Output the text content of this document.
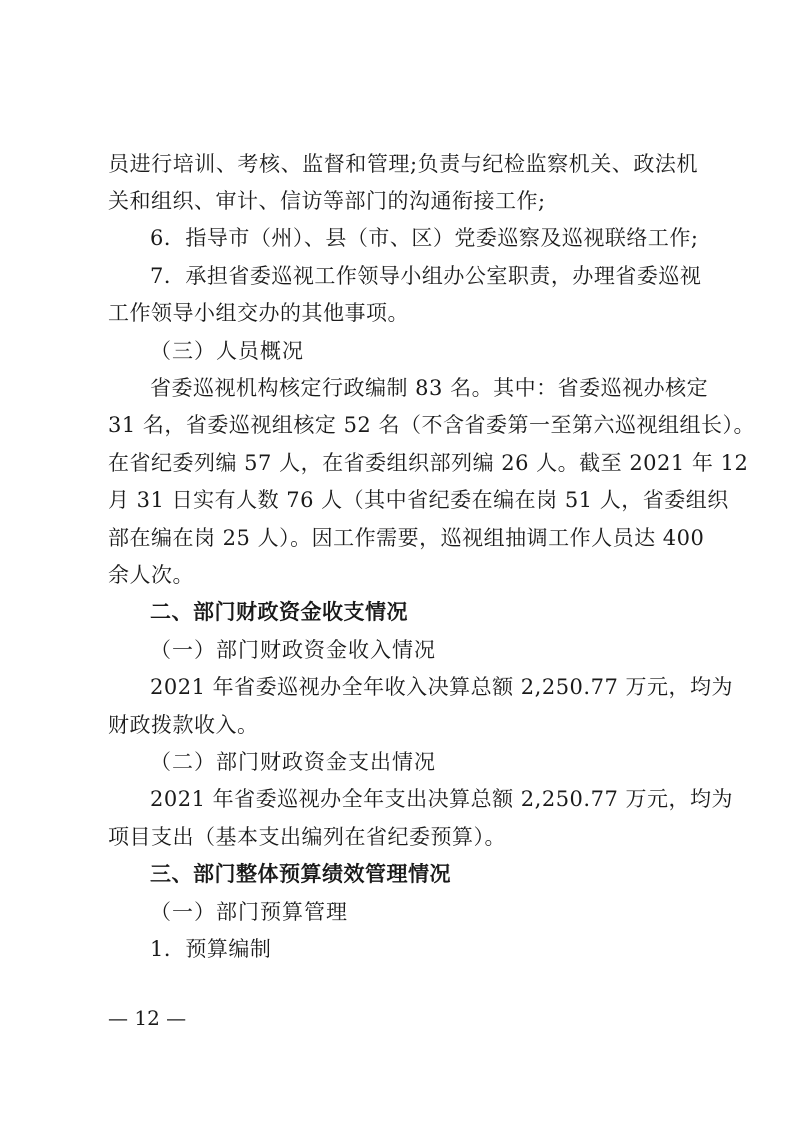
员进行培训、考核、监督和管理;负责与纪检监察机关、政法机
关和组织、审计、信访等部门的沟通衔接工作;
6．指导市（州）、县（市、区）党委巡察及巡视联络工作;
7．承担省委巡视工作领导小组办公室职责，办理省委巡视
工作领导小组交办的其他事项。
（三）人员概况
省委巡视机构核定行政编制 83 名。其中：省委巡视办核定
31 名，省委巡视组核定 52 名（不含省委第一至第六巡视组组长）。
在省纪委列编 57 人，在省委组织部列编 26 人。截至 2021 年 12
月 31 日实有人数 76 人（其中省纪委在编在岗 51 人，省委组织
部在编在岗 25 人）。因工作需要，巡视组抽调工作人员达 400
余人次。
二、部门财政资金收支情况
（一）部门财政资金收入情况
2021 年省委巡视办全年收入决算总额 2,250.77 万元，均为
财政拨款收入。
（二）部门财政资金支出情况
2021 年省委巡视办全年支出决算总额 2,250.77 万元，均为
项目支出（基本支出编列在省纪委预算）。
三、部门整体预算绩效管理情况
（一）部门预算管理
1．预算编制
— 12 —
